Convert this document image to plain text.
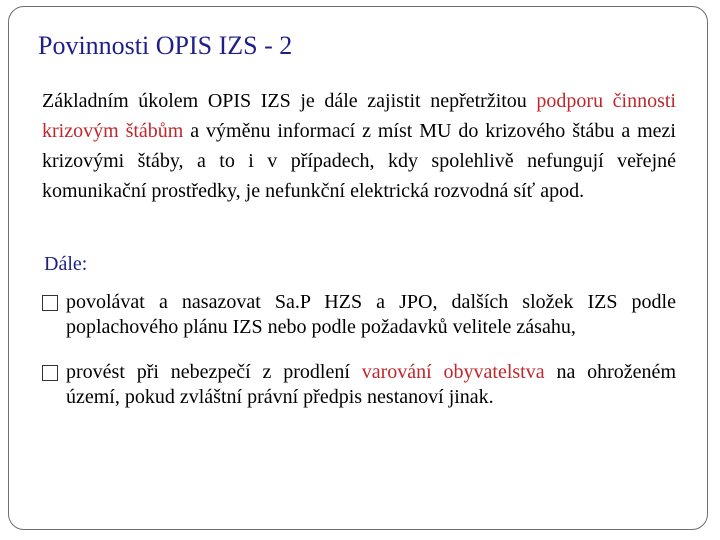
Povinnosti OPIS IZS - 2

Základním úkolem OPIS IZS je dále zajistit nepřetržitou podporu činnosti krizovým štábům a výměnu informací z míst MU do krizového štábu a mezi krizovými štáby, a to i v případech, kdy spolehlivě nefungují veřejné komunikační prostředky, je nefunkční elektrická rozvodná síť apod.

Dále:
povolávat a nasazovat Sa.P HZS a JPO, dalších složek IZS podle poplachového plánu IZS nebo podle požadavků velitele zásahu,
provést při nebezpečí z prodlení varování obyvatelstva na ohroženém území, pokud zvláštní právní předpis nestanoví jinak.
